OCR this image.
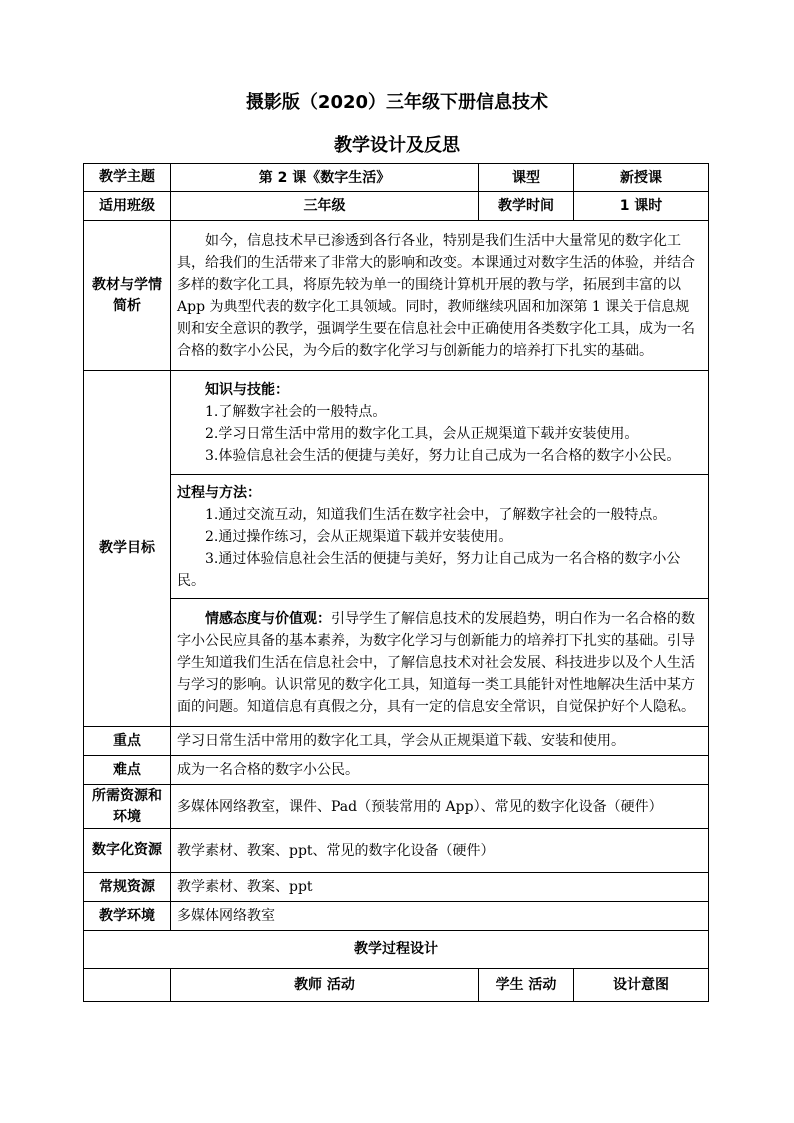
摄影版（2020）三年级下册信息技术
教学设计及反思
教学主题	第 2 课《数字生活》	课型	新授课
适用班级	三年级	教学时间	1 课时
教材与学情简析	如今，信息技术早已渗透到各行各业，特别是我们生活中大量常见的数字化工具，给我们的生活带来了非常大的影响和改变。本课通过对数字生活的体验，并结合多样的数字化工具，将原先较为单一的围绕计算机开展的教与学，拓展到丰富的以 App 为典型代表的数字化工具领域。同时，教师继续巩固和加深第 1 课关于信息规则和安全意识的教学，强调学生要在信息社会中正确使用各类数字化工具，成为一名合格的数字小公民，为今后的数字化学习与创新能力的培养打下扎实的基础。		

教学目标	知识与技能：
1.了解数字社会的一般特点。
2.学习日常生活中常用的数字化工具，会从正规渠道下载并安装使用。
3.体验信息社会生活的便捷与美好，努力让自己成为一名合格的数字小公民。		

	过程与方法：
1.通过交流互动，知道我们生活在数字社会中，了解数字社会的一般特点。
2.通过操作练习，会从正规渠道下载并安装使用。
3.通过体验信息社会生活的便捷与美好，努力让自己成为一名合格的数字小公民。		

	情感态度与价值观：引导学生了解信息技术的发展趋势，明白作为一名合格的数字小公民应具备的基本素养，为数字化学习与创新能力的培养打下扎实的基础。引导学生知道我们生活在信息社会中，了解信息技术对社会发展、科技进步以及个人生活与学习的影响。认识常见的数字化工具，知道每一类工具能针对性地解决生活中某方面的问题。知道信息有真假之分，具有一定的信息安全常识，自觉保护好个人隐私。		

重点	学习日常生活中常用的数字化工具，学会从正规渠道下载、安装和使用。		
难点	成为一名合格的数字小公民。		
所需资源和环境	多媒体网络教室，课件、Pad（预装常用的 App）、常见的数字化设备（硬件）		
数字化资源	教学素材、教案、ppt、常见的数字化设备（硬件）		
常规资源	教学素材、教案、ppt		
教学环境	多媒体网络教室		
教学过程设计			
	教师 活动	学生 活动	设计意图
